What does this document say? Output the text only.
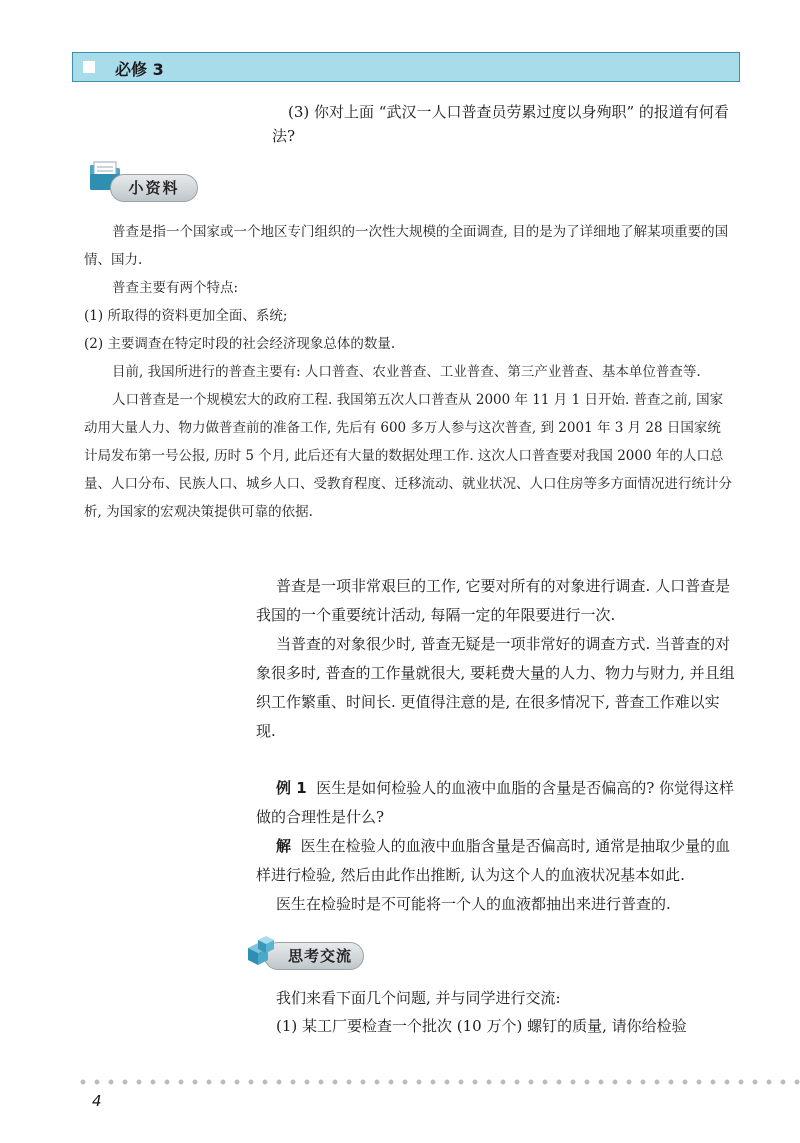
必修 3

(3) 你对上面 “武汉一人口普查员劳累过度以身殉职” 的报道有何看法?

小资料

普查是指一个国家或一个地区专门组织的一次性大规模的全面调查, 目的是为了详细地了解某项重要的国情、国力.

普查主要有两个特点:

(1) 所取得的资料更加全面、系统;

(2) 主要调查在特定时段的社会经济现象总体的数量.

目前, 我国所进行的普查主要有: 人口普查、农业普查、工业普查、第三产业普查、基本单位普查等.

人口普查是一个规模宏大的政府工程. 我国第五次人口普查从 2000 年 11 月 1 日开始. 普查之前, 国家动用大量人力、物力做普查前的准备工作, 先后有 600 多万人参与这次普查, 到 2001 年 3 月 28 日国家统计局发布第一号公报, 历时 5 个月, 此后还有大量的数据处理工作. 这次人口普查要对我国 2000 年的人口总量、人口分布、民族人口、城乡人口、受教育程度、迁移流动、就业状况、人口住房等多方面情况进行统计分析, 为国家的宏观决策提供可靠的依据.

普查是一项非常艰巨的工作, 它要对所有的对象进行调查. 人口普查是我国的一个重要统计活动, 每隔一定的年限要进行一次.

当普查的对象很少时, 普查无疑是一项非常好的调查方式. 当普查的对象很多时, 普查的工作量就很大, 要耗费大量的人力、物力与财力, 并且组织工作繁重、时间长. 更值得注意的是, 在很多情况下, 普查工作难以实现.

例 1 医生是如何检验人的血液中血脂的含量是否偏高的? 你觉得这样做的合理性是什么?

解 医生在检验人的血液中血脂含量是否偏高时, 通常是抽取少量的血样进行检验, 然后由此作出推断, 认为这个人的血液状况基本如此.

医生在检验时是不可能将一个人的血液都抽出来进行普查的.

思考交流

我们来看下面几个问题, 并与同学进行交流:

(1) 某工厂要检查一个批次 (10 万个) 螺钉的质量, 请你给检验

4
